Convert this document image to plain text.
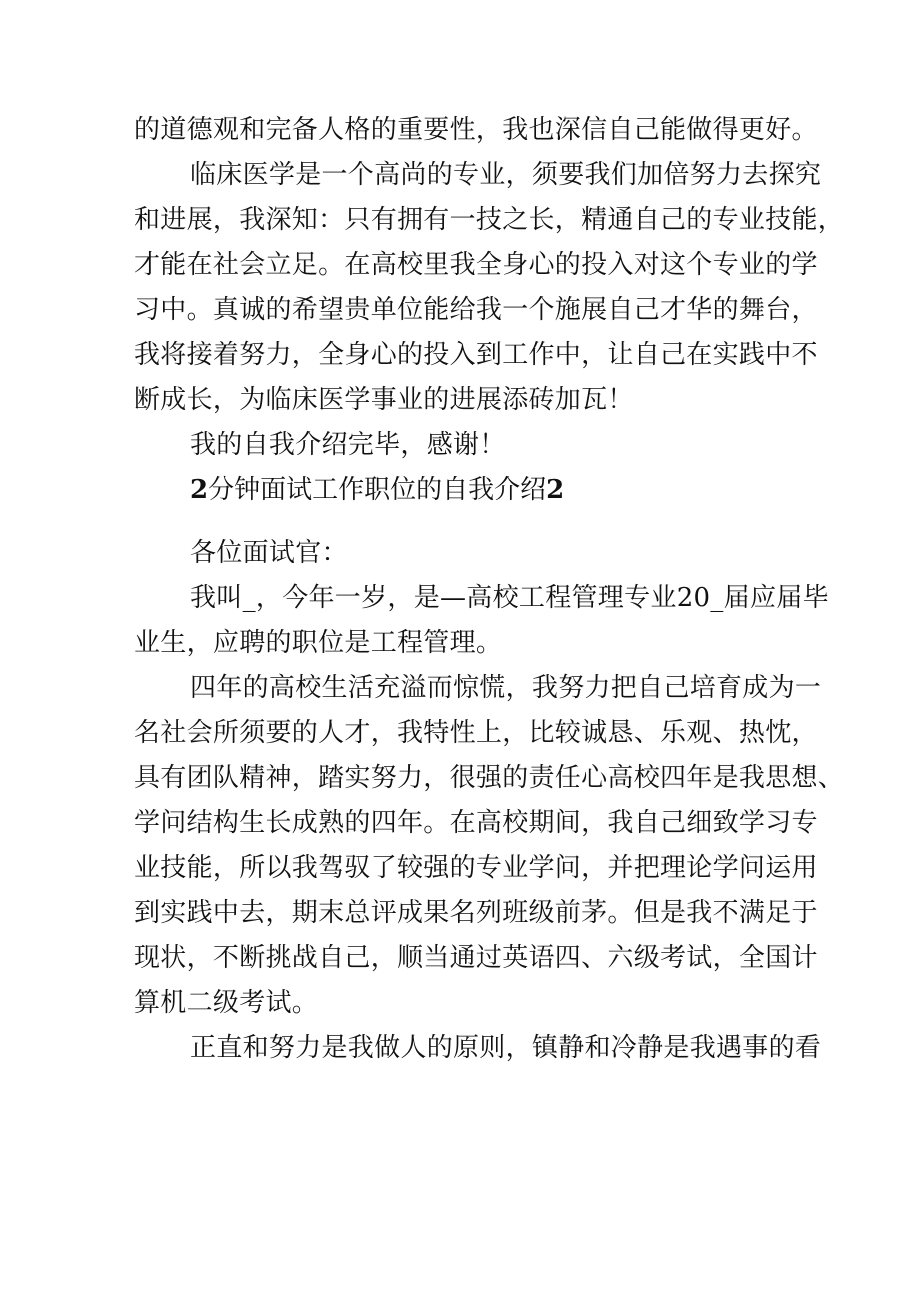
的道德观和完备人格的重要性，我也深信自己能做得更好。

临床医学是一个高尚的专业，须要我们加倍努力去探究
和进展，我深知：只有拥有一技之长，精通自己的专业技能，
才能在社会立足。在高校里我全身心的投入对这个专业的学
习中。真诚的希望贵单位能给我一个施展自己才华的舞台，
我将接着努力，全身心的投入到工作中，让自己在实践中不
断成长，为临床医学事业的进展添砖加瓦！

我的自我介绍完毕，感谢！

2分钟面试工作职位的自我介绍2

各位面试官：

我叫_，今年一岁，是—高校工程管理专业20_届应届毕
业生，应聘的职位是工程管理。

四年的高校生活充溢而惊慌，我努力把自己培育成为一
名社会所须要的人才，我特性上，比较诚恳、乐观、热忱，
具有团队精神，踏实努力，很强的责任心高校四年是我思想、
学问结构生长成熟的四年。在高校期间，我自己细致学习专
业技能，所以我驾驭了较强的专业学问，并把理论学问运用
到实践中去，期末总评成果名列班级前茅。但是我不满足于
现状，不断挑战自己，顺当通过英语四、六级考试，全国计
算机二级考试。

正直和努力是我做人的原则，镇静和冷静是我遇事的看
